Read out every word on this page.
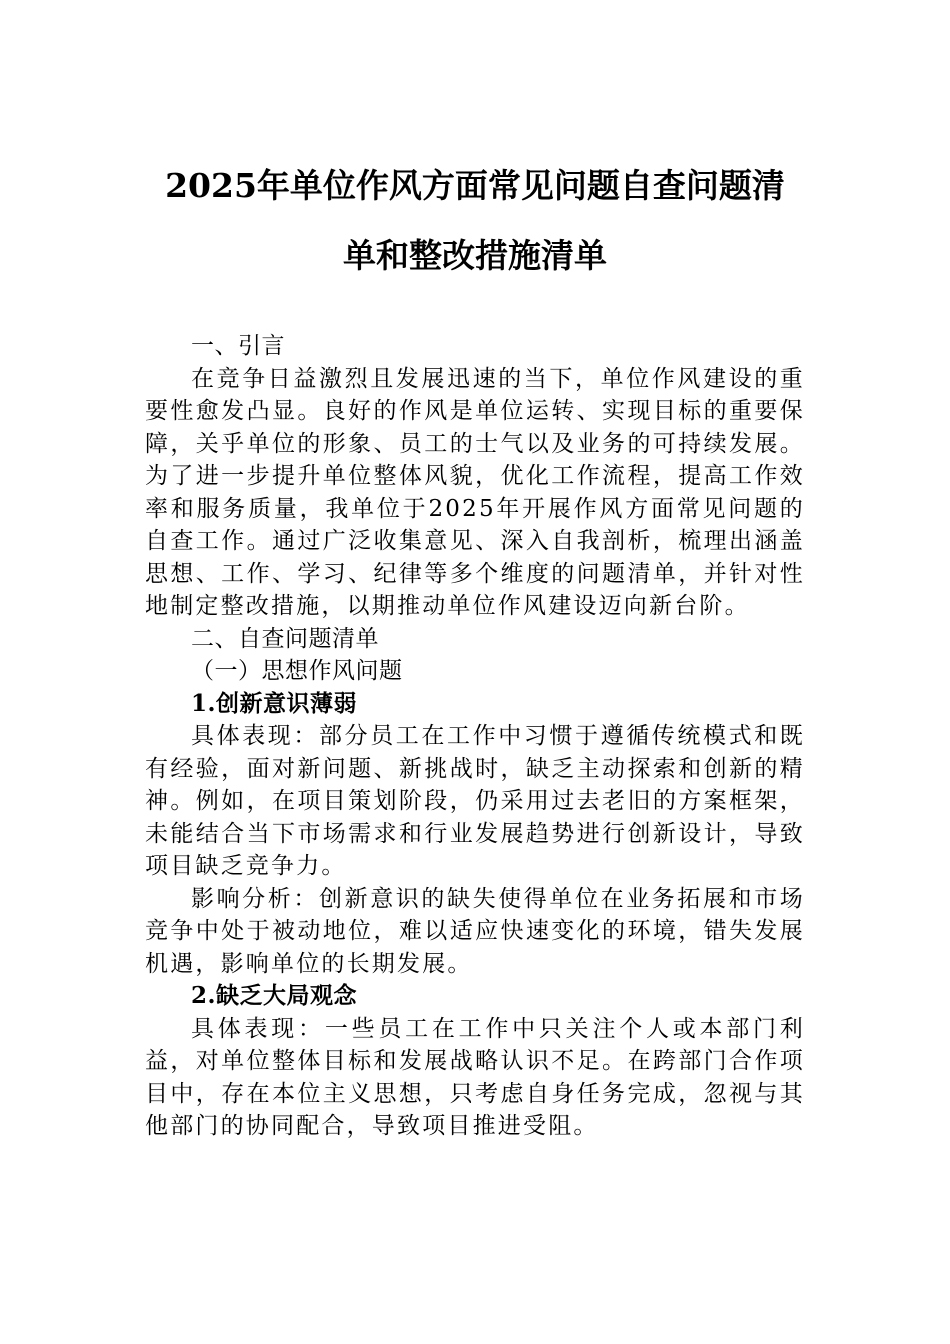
2025年单位作风方面常见问题自查问题清
单和整改措施清单

一、引言

在竞争日益激烈且发展迅速的当下，单位作风建设的重要性愈发凸显。良好的作风是单位运转、实现目标的重要保障，关乎单位的形象、员工的士气以及业务的可持续发展。为了进一步提升单位整体风貌，优化工作流程，提高工作效率和服务质量，我单位于2025年开展作风方面常见问题的自查工作。通过广泛收集意见、深入自我剖析，梳理出涵盖思想、工作、学习、纪律等多个维度的问题清单，并针对性地制定整改措施，以期推动单位作风建设迈向新台阶。

二、自查问题清单

（一）思想作风问题

1.创新意识薄弱

具体表现：部分员工在工作中习惯于遵循传统模式和既有经验，面对新问题、新挑战时，缺乏主动探索和创新的精神。例如，在项目策划阶段，仍采用过去老旧的方案框架，未能结合当下市场需求和行业发展趋势进行创新设计，导致项目缺乏竞争力。

影响分析：创新意识的缺失使得单位在业务拓展和市场竞争中处于被动地位，难以适应快速变化的环境，错失发展机遇，影响单位的长期发展。

2.缺乏大局观念

具体表现：一些员工在工作中只关注个人或本部门利益，对单位整体目标和发展战略认识不足。在跨部门合作项目中，存在本位主义思想，只考虑自身任务完成，忽视与其他部门的协同配合，导致项目推进受阻。
